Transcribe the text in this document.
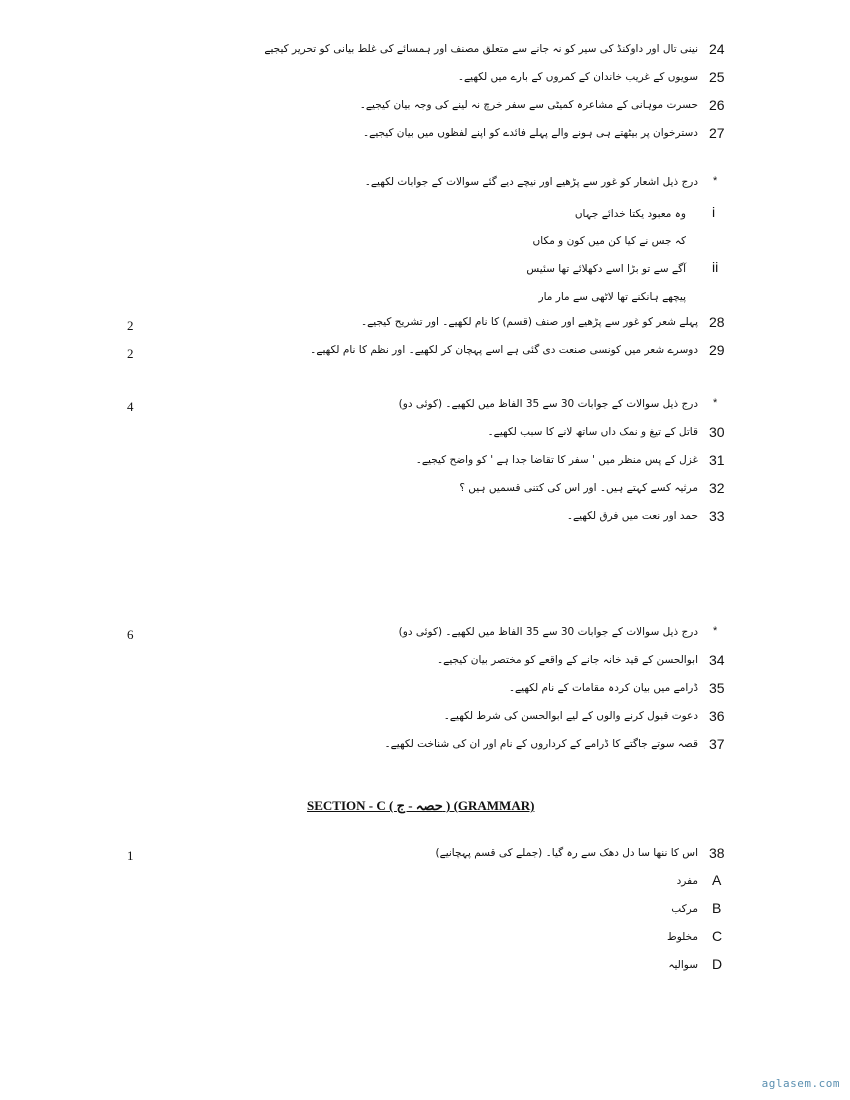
24
نینی تال اور داوکنڈ کی سیر کو نہ جانے سے متعلق مصنف اور ہمسائے کی غلط بیانی کو تحریر کیجیے
25
سویوں کے غریب خاندان کے کمروں کے بارے میں لکھیے۔
26
حسرت موہانی کے مشاعرہ کمیٹی سے سفر خرچ نہ لینے کی وجہ بیان کیجیے۔
27
دسترخوان پر بیٹھتے ہی ہونے والے پہلے فائدے کو اپنے لفظوں میں بیان کیجیے۔
*
درج ذیل اشعار کو غور سے پڑھیے اور نیچے دیے گئے سوالات کے جوابات لکھیے۔
i
وہ معبود یکتا خدائے جہاں
کہ جس نے کیا کن میں کون و مکاں
ii
آگے سے تو بڑا اسے دکھلائے تھا سئیس
پیچھے ہانکنے تھا لاٹھی سے مار مار
28
پہلے شعر کو غور سے پڑھیے اور صنف (قسم) کا نام لکھیے۔ اور تشریح کیجیے۔
2
29
دوسرے شعر میں کونسی صنعت دی گئی ہے اسے پہچان کر لکھیے۔ اور نظم کا نام لکھیے۔
2
*
درج ذیل سوالات کے جوابات 30 سے 35 الفاظ میں لکھیے۔ (کوئی دو)
4
30
قاتل کے تیغ و نمک داں ساتھ لانے کا سبب لکھیے۔
31
غزل کے پس منظر میں ' سفر کا تقاضا جدا ہے ' کو واضح کیجیے۔
32
مرثیہ کسے کہتے ہیں۔ اور اس کی کتنی قسمیں ہیں ؟
33
حمد اور نعت میں فرق لکھیے۔
*
درج ذیل سوالات کے جوابات 30 سے 35 الفاظ میں لکھیے۔ (کوئی دو)
6
34
ابوالحسن کے قید خانہ جانے کے واقعے کو مختصر بیان کیجیے۔
35
ڈرامے میں بیان کردہ مقامات کے نام لکھیے۔
36
دعوت قبول کرنے والوں کے لیے ابوالحسن کی شرط لکھیے۔
37
قصہ سوتے جاگتے کا ڈرامے کے کرداروں کے نام اور ان کی شناخت لکھیے۔
SECTION - C ( حصہ - ج ) (GRAMMAR)
38
اس کا ننھا سا دل دھک سے رہ گیا۔ (جملے کی قسم پہچانیے)
1
A
مفرد
B
مرکب
C
مخلوط
D
سوالیہ
aglasem.com
